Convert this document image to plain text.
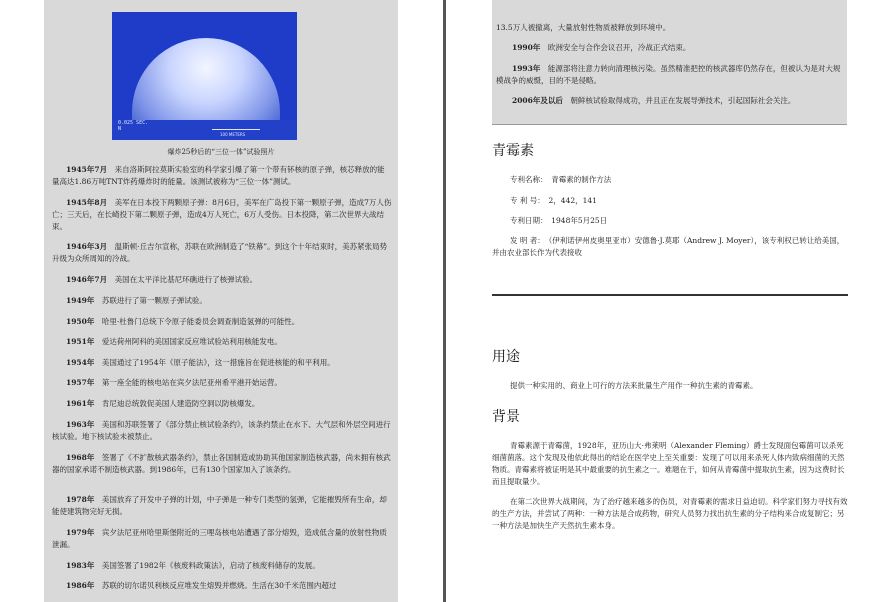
0.025 SEC.
N
100 METERS
爆炸25秒后的“三位一体”试验照片
1945年7月　 来自洛斯阿拉莫斯实验室的科学家引爆了第一个带有钚核的原子弹，核芯释放的能量高达1.86万吨TNT炸药爆炸时的能量。该测试被称为“三位一体”测试。
1945年8月　 美军在日本投下两颗原子弹：8月6日，美军在广岛投下第一颗原子弹，造成7万人伤亡；三天后，在长崎投下第二颗原子弹，造成4万人死亡，6万人受伤。日本投降，第二次世界大战结束。
1946年3月　 温斯顿·丘吉尔宣称，苏联在欧洲制造了“铁幕”。到这个十年结束时，美苏紧张局势升级为众所周知的冷战。
1946年7月　 美国在太平洋比基尼环礁进行了核弹试验。
1949年　 苏联进行了第一颗原子弹试验。
1950年　 哈里·杜鲁门总统下令原子能委员会调查制造氢弹的可能性。
1951年　 爱达荷州阿科的美国国家反应堆试验站利用核能发电。
1954年　 美国通过了1954年《原子能法》，这一措施旨在促进核能的和平利用。
1957年　 第一座全能的核电站在宾夕法尼亚州希平港开始运营。
1961年　 肯尼迪总统敦促美国人建造防空洞以防核爆发。
1963年　 美国和苏联签署了《部分禁止核试验条约》，该条约禁止在水下、大气层和外层空间进行核试验。地下核试验未被禁止。
1968年　 签署了《不扩散核武器条约》，禁止各国制造或协助其他国家制造核武器，尚未拥有核武器的国家承诺不制造核武器。到1986年，已有130个国家加入了该条约。
1978年　 美国放弃了开发中子弹的计划，中子弹是一种专门类型的氢弹，它能摧毁所有生命，却能使建筑物完好无损。
1979年　 宾夕法尼亚州哈里斯堡附近的三哩岛核电站遭遇了部分熔毁，造成低含量的放射性物质泄漏。
1983年　 美国签署了1982年《核废料政策法》，启动了核废料储存的发展。
1986年　 苏联的切尔诺贝利核反应堆发生熔毁并燃烧。生活在30千米范围内超过
13.5万人被撤离，大量放射性物质被释放到环境中。
1990年　 欧洲安全与合作会议召开，冷战正式结束。
1993年　 能源部将注意力转向清理核污染。虽然精准把控的核武器库仍然存在，但被认为是对大规模战争的威慑，目的不是侵略。
2006年及以后　 朝鲜核试验取得成功，并且正在发展导弹技术，引起国际社会关注。
青霉素
专利名称：　 青霉素的制作方法
专 利 号：　 2，442，141
专利日期：　 1948年5月25日
发 明 者：　 （伊利诺伊州皮奥里亚市）安德鲁·J.莫耶（Andrew J. Moyer），该专利权已转让给美国，并由农业部长作为代表接收
用途
提供一种实用的、商业上可行的方法来批量生产用作一种抗生素的青霉素。
背景
青霉素源于青霉菌，1928年，亚历山大·弗莱明（Alexander Fleming）爵士发现面包霉菌可以杀死细菌菌落。这个发现及他依此得出的结论在医学史上至关重要：发现了可以用来杀死人体内致病细菌的天然物质。青霉素将被证明是其中最重要的抗生素之一。难题在于，如何从青霉菌中提取抗生素，因为这费时长而且提取量少。
在第二次世界大战期间，为了治疗越来越多的伤员，对青霉素的需求日益迫切。科学家们努力寻找有效的生产方法，并尝试了两种：一种方法是合成药物，研究人员努力找出抗生素的分子结构来合成复制它；另一种方法是加快生产天然抗生素本身。
